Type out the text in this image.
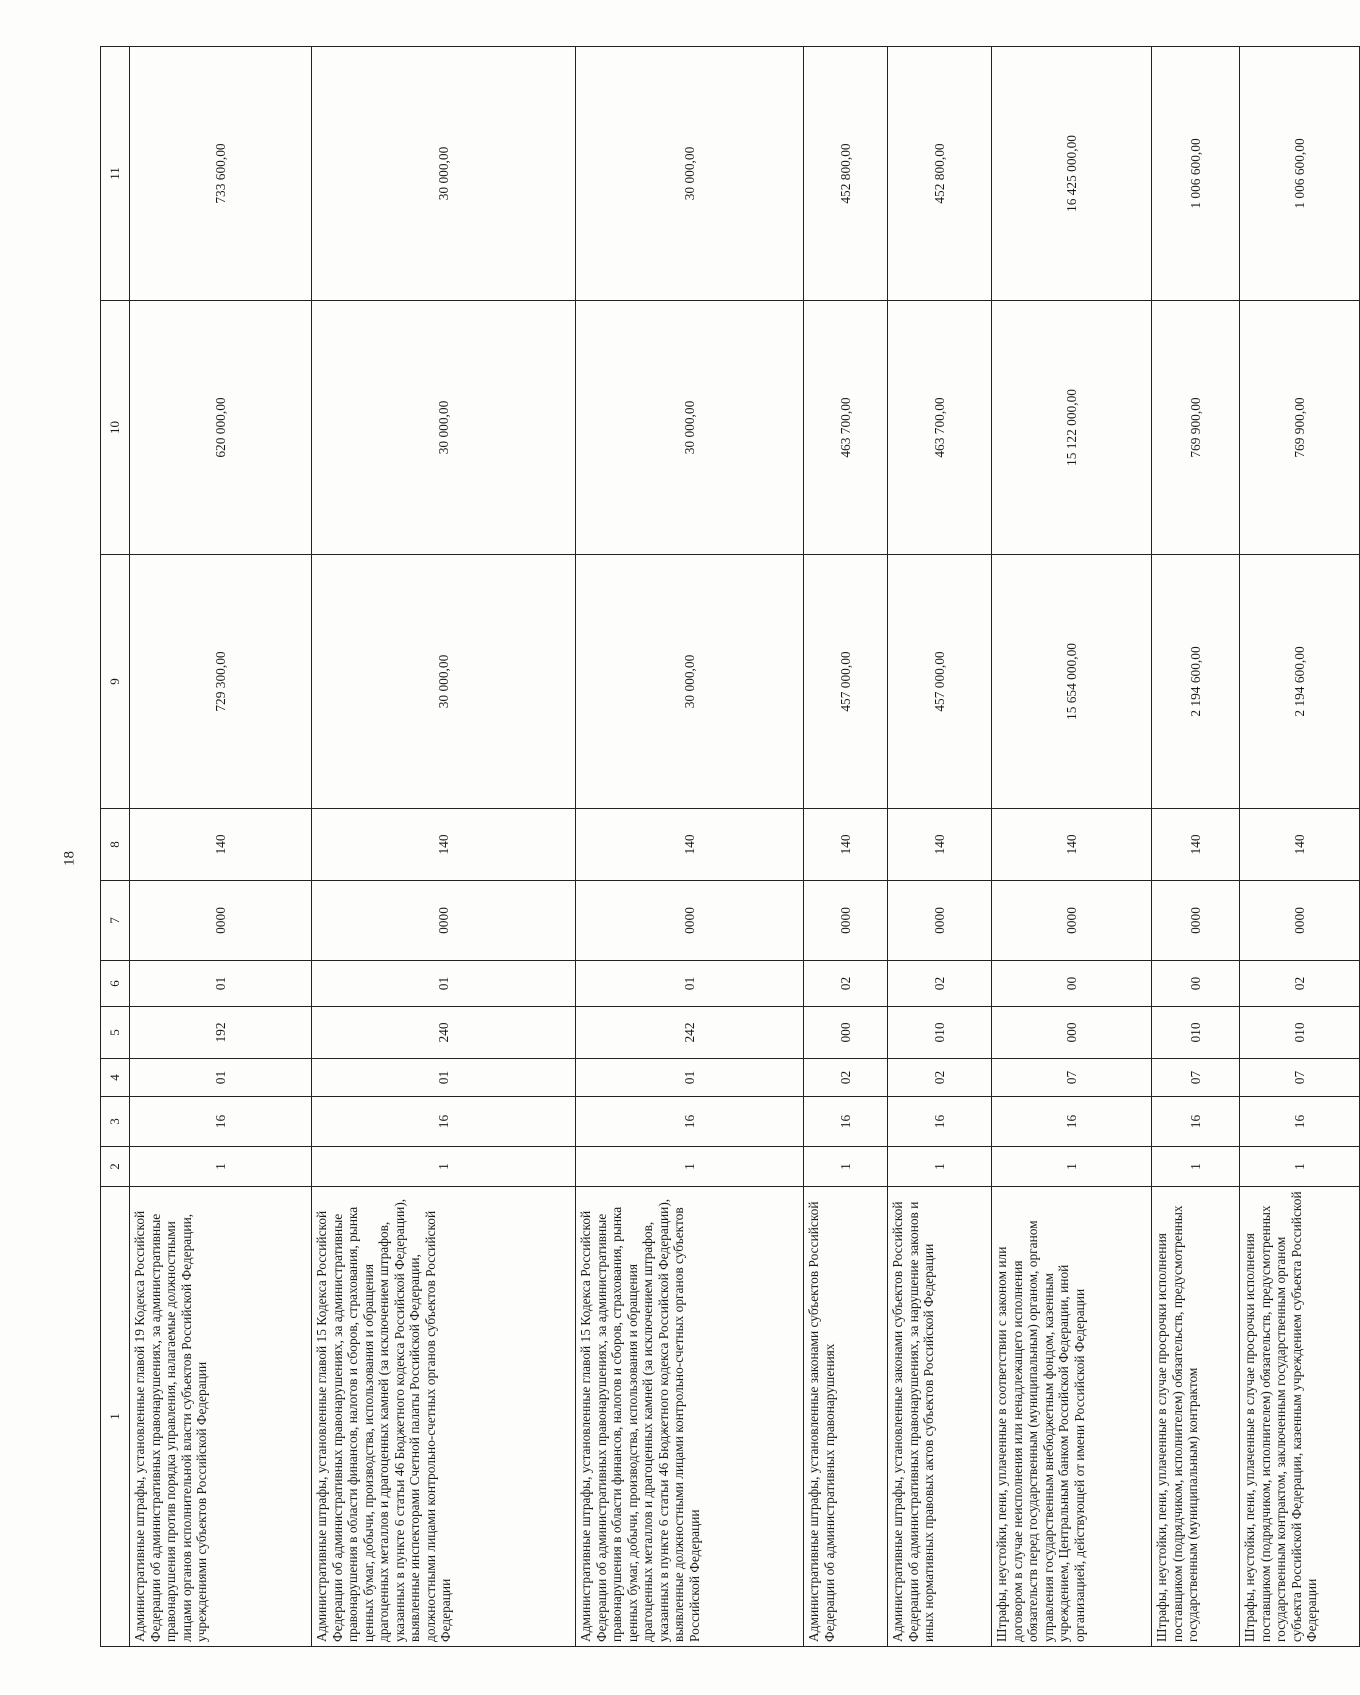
18
1	2	3	4	5	6	7	8	9	10	11
Административные штрафы, установленные главой 19 Кодекса Российской Федерации об административных правонарушениях, за административные правонарушения против порядка управления, налагаемые должностными лицами органов исполнительной власти субъектов Российской Федерации, учреждениями субъектов Российской Федерации	1	16	01	192	01	0000	140	729 300,00	620 000,00	733 600,00
Административные штрафы, установленные главой 15 Кодекса Российской Федерации об административных правонарушениях, за административные правонарушения в области финансов, налогов и сборов, страхования, рынка ценных бумаг, добычи, производства, использования и обращения драгоценных металлов и драгоценных камней (за исключением штрафов, указанных в пункте 6 статьи 46 Бюджетного кодекса Российской Федерации), выявленные инспекторами Счетной палаты Российской Федерации, должностными лицами контрольно-счетных органов субъектов Российской Федерации	1	16	01	240	01	0000	140	30 000,00	30 000,00	30 000,00
Административные штрафы, установленные главой 15 Кодекса Российской Федерации об административных правонарушениях, за административные правонарушения в области финансов, налогов и сборов, страхования, рынка ценных бумаг, добычи, производства, использования и обращения драгоценных металлов и драгоценных камней (за исключением штрафов, указанных в пункте 6 статьи 46 Бюджетного кодекса Российской Федерации), выявленные должностными лицами контрольно-счетных органов субъектов Российской Федерации	1	16	01	242	01	0000	140	30 000,00	30 000,00	30 000,00
Административные штрафы, установленные законами субъектов Российской Федерации об административных правонарушениях	1	16	02	000	02	0000	140	457 000,00	463 700,00	452 800,00
Административные штрафы, установленные законами субъектов Российской Федерации об административных правонарушениях, за нарушение законов и иных нормативных правовых актов субъектов Российской Федерации	1	16	02	010	02	0000	140	457 000,00	463 700,00	452 800,00
Штрафы, неустойки, пени, уплаченные в соответствии с законом или договором в случае неисполнения или ненадлежащего исполнения обязательств перед государственным (муниципальным) органом, органом управления государственным внебюджетным фондом, казенным учреждением, Центральным банком Российской Федерации, иной организацией, действующей от имени Российской Федерации	1	16	07	000	00	0000	140	15 654 000,00	15 122 000,00	16 425 000,00
Штрафы, неустойки, пени, уплаченные в случае просрочки исполнения поставщиком (подрядчиком, исполнителем) обязательств, предусмотренных государственным (муниципальным) контрактом	1	16	07	010	00	0000	140	2 194 600,00	769 900,00	1 006 600,00
Штрафы, неустойки, пени, уплаченные в случае просрочки исполнения поставщиком (подрядчиком, исполнителем) обязательств, предусмотренных государственным контрактом, заключенным государственным органом субъекта Российской Федерации, казенным учреждением субъекта Российской Федерации	1	16	07	010	02	0000	140	2 194 600,00	769 900,00	1 006 600,00
